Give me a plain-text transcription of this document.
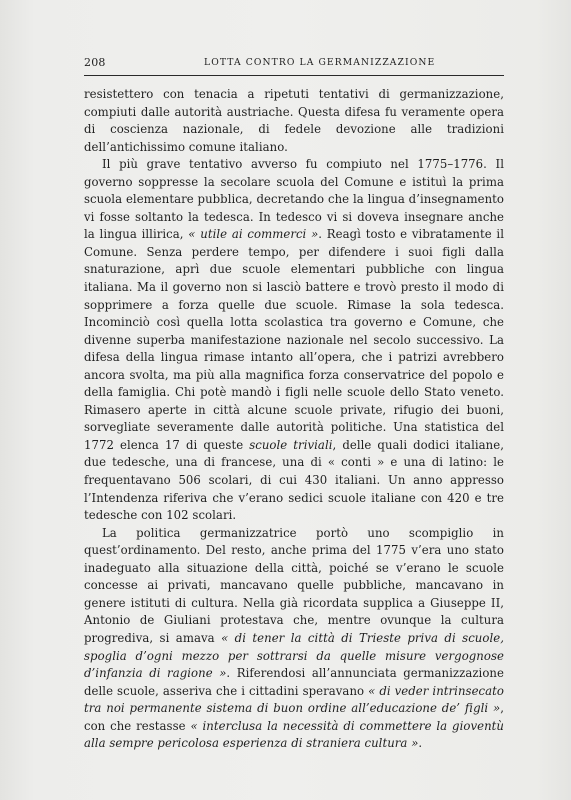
208	LOTTA CONTRO LA GERMANIZZAZIONE

resistettero con tenacia a ripetuti tentativi di germanizzazione, compiuti dalle autorità austriache. Questa difesa fu veramente opera di coscienza nazionale, di fedele devozione alle tradizioni dell’antichissimo comune italiano.

Il più grave tentativo avverso fu compiuto nel 1775–1776. Il governo soppresse la secolare scuola del Comune e istituì la prima scuola elementare pubblica, decretando che la lingua d’insegnamento vi fosse soltanto la tedesca. In tedesco vi si doveva insegnare anche la lingua illirica, « utile ai commerci ». Reagì tosto e vibratamente il Comune. Senza perdere tempo, per difendere i suoi figli dalla snaturazione, aprì due scuole elementari pubbliche con lingua italiana. Ma il governo non si lasciò battere e trovò presto il modo di sopprimere a forza quelle due scuole. Rimase la sola tedesca. Incominciò così quella lotta scolastica tra governo e Comune, che divenne superba manifestazione nazionale nel secolo successivo. La difesa della lingua rimase intanto all’opera, che i patrizi avrebbero ancora svolta, ma più alla magnifica forza conservatrice del popolo e della famiglia. Chi potè mandò i figli nelle scuole dello Stato veneto. Rimasero aperte in città alcune scuole private, rifugio dei buoni, sorvegliate severamente dalle autorità politiche. Una statistica del 1772 elenca 17 di queste scuole triviali, delle quali dodici italiane, due tedesche, una di francese, una di « conti » e una di latino: le frequentavano 506 scolari, di cui 430 italiani. Un anno appresso l’Intendenza riferiva che v’erano sedici scuole italiane con 420 e tre tedesche con 102 scolari.

La politica germanizzatrice portò uno scompiglio in quest’ordinamento. Del resto, anche prima del 1775 v’era uno stato inadeguato alla situazione della città, poiché se v’erano le scuole concesse ai privati, mancavano quelle pubbliche, mancavano in genere istituti di cultura. Nella già ricordata supplica a Giuseppe II, Antonio de Giuliani protestava che, mentre ovunque la cultura progrediva, si amava « di tener la città di Trieste priva di scuole, spoglia d’ogni mezzo per sottrarsi da quelle misure vergognose d’infanzia di ragione ». Riferendosi all’annunciata germanizzazione delle scuole, asseriva che i cittadini speravano « di veder intrinsecato tra noi permanente sistema di buon ordine all’educazione de’ figli », con che restasse « interclusa la necessità di commettere la gioventù alla sempre pericolosa esperienza di straniera cultura ».
